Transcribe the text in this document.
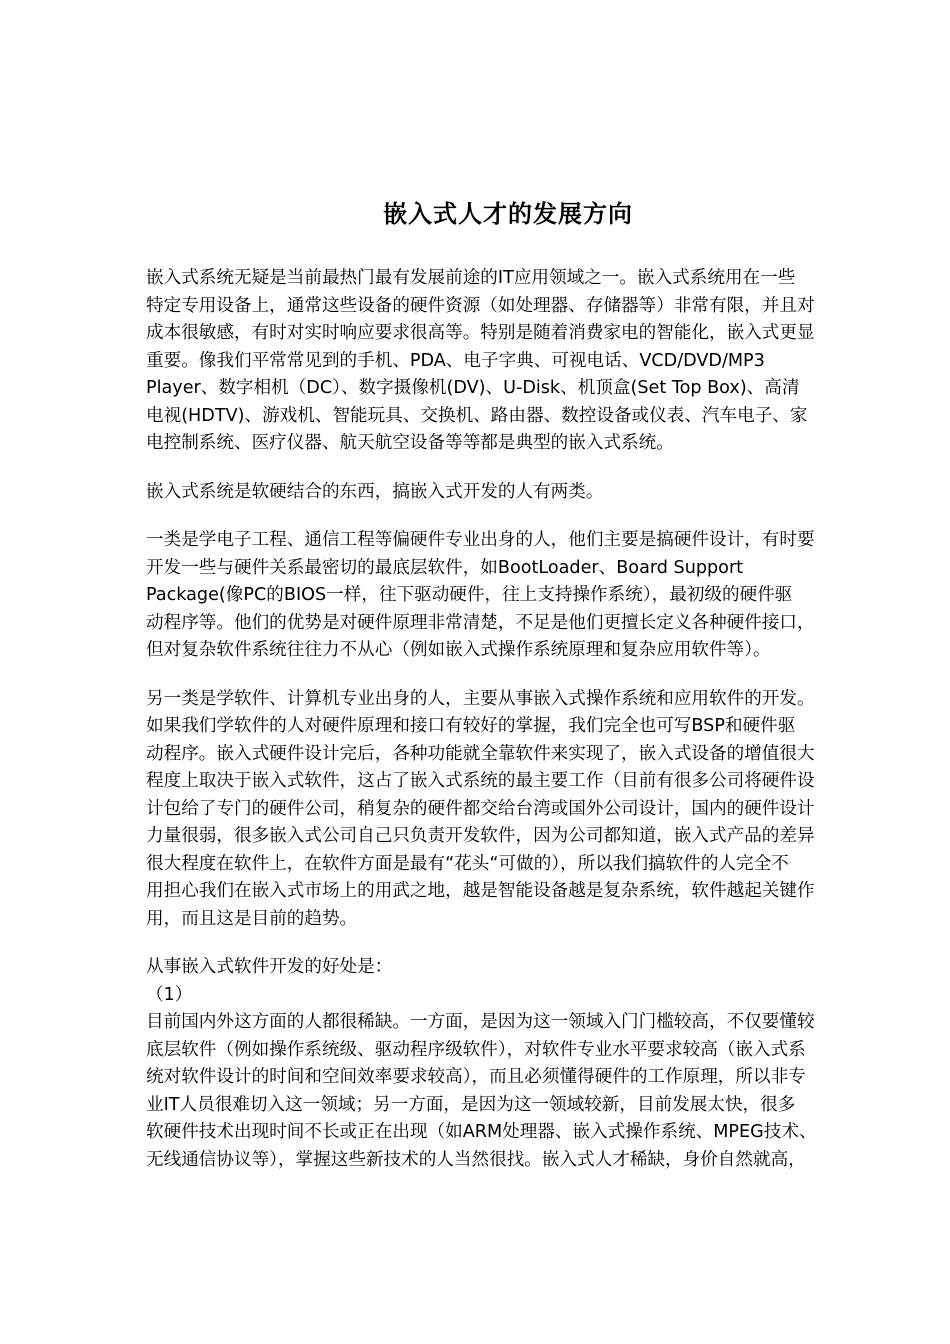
嵌入式人才的发展方向

嵌入式系统无疑是当前最热门最有发展前途的IT应用领域之一。嵌入式系统用在一些
特定专用设备上，通常这些设备的硬件资源（如处理器、存储器等）非常有限，并且对
成本很敏感，有时对实时响应要求很高等。特别是随着消费家电的智能化，嵌入式更显
重要。像我们平常常见到的手机、PDA、电子字典、可视电话、VCD/DVD/MP3
Player、数字相机（DC）、数字摄像机(DV)、U-Disk、机顶盒(Set Top Box)、高清
电视(HDTV)、游戏机、智能玩具、交换机、路由器、数控设备或仪表、汽车电子、家
电控制系统、医疗仪器、航天航空设备等等都是典型的嵌入式系统。

嵌入式系统是软硬结合的东西，搞嵌入式开发的人有两类。

一类是学电子工程、通信工程等偏硬件专业出身的人，他们主要是搞硬件设计，有时要
开发一些与硬件关系最密切的最底层软件，如BootLoader、Board Support
Package(像PC的BIOS一样，往下驱动硬件，往上支持操作系统），最初级的硬件驱
动程序等。他们的优势是对硬件原理非常清楚，不足是他们更擅长定义各种硬件接口，
但对复杂软件系统往往力不从心（例如嵌入式操作系统原理和复杂应用软件等）。

另一类是学软件、计算机专业出身的人，主要从事嵌入式操作系统和应用软件的开发。
如果我们学软件的人对硬件原理和接口有较好的掌握，我们完全也可写BSP和硬件驱
动程序。嵌入式硬件设计完后，各种功能就全靠软件来实现了，嵌入式设备的增值很大
程度上取决于嵌入式软件，这占了嵌入式系统的最主要工作（目前有很多公司将硬件设
计包给了专门的硬件公司，稍复杂的硬件都交给台湾或国外公司设计，国内的硬件设计
力量很弱，很多嵌入式公司自己只负责开发软件，因为公司都知道，嵌入式产品的差异
很大程度在软件上，在软件方面是最有“花头“可做的），所以我们搞软件的人完全不
用担心我们在嵌入式市场上的用武之地，越是智能设备越是复杂系统，软件越起关键作
用，而且这是目前的趋势。

从事嵌入式软件开发的好处是：

（1）

目前国内外这方面的人都很稀缺。一方面，是因为这一领域入门门槛较高，不仅要懂较
底层软件（例如操作系统级、驱动程序级软件），对软件专业水平要求较高（嵌入式系
统对软件设计的时间和空间效率要求较高），而且必须懂得硬件的工作原理，所以非专
业IT人员很难切入这一领域；另一方面，是因为这一领域较新，目前发展太快，很多
软硬件技术出现时间不长或正在出现（如ARM处理器、嵌入式操作系统、MPEG技术、
无线通信协议等），掌握这些新技术的人当然很找。嵌入式人才稀缺，身价自然就高，
